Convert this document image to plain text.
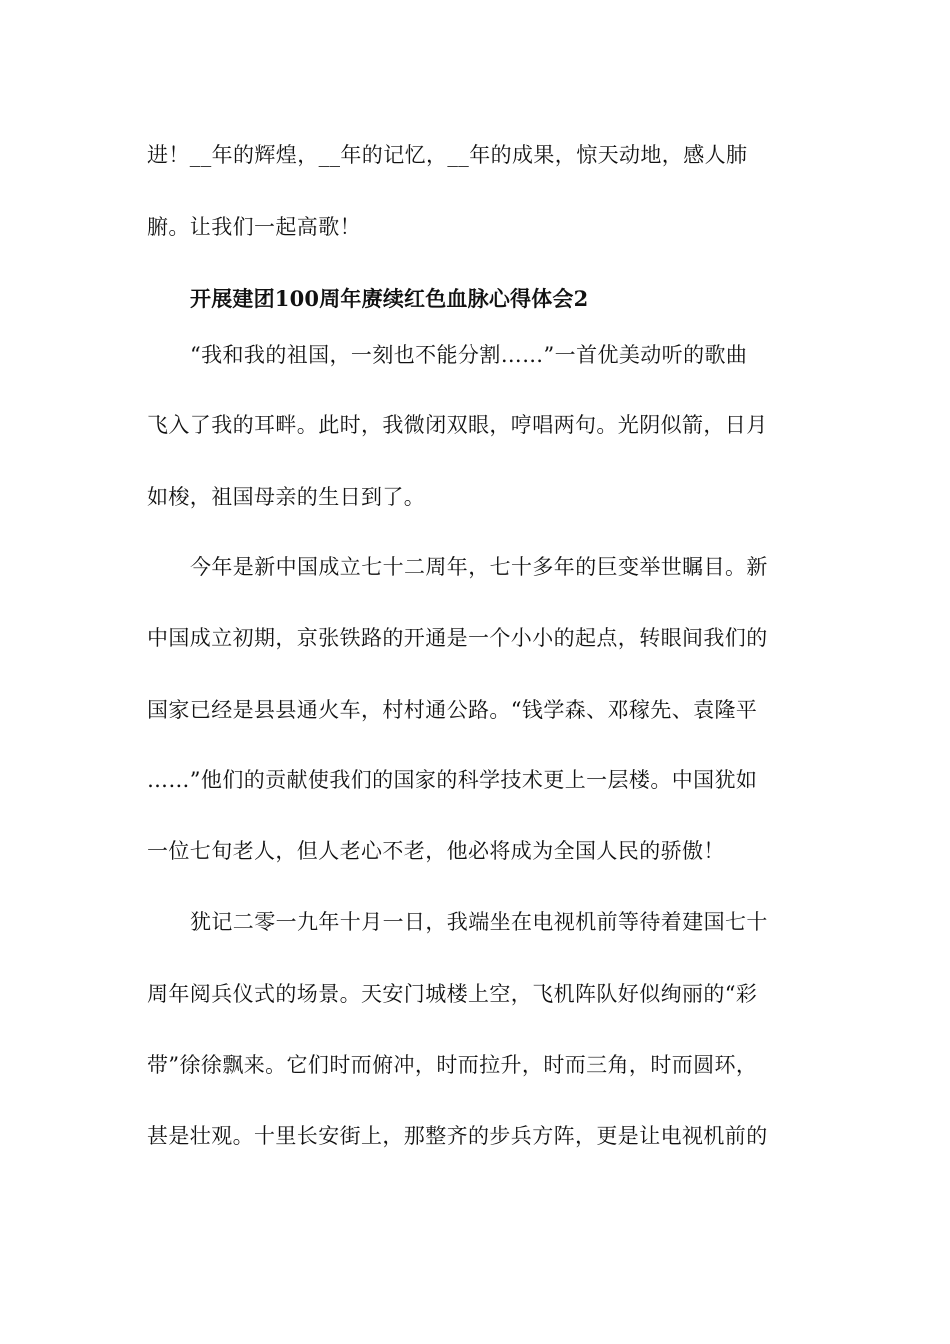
进！__年的辉煌，__年的记忆，__年的成果，惊天动地，感人肺
腑。让我们一起高歌！
开展建团100周年赓续红色血脉心得体会2
“我和我的祖国，一刻也不能分割……”一首优美动听的歌曲
飞入了我的耳畔。此时，我微闭双眼，哼唱两句。光阴似箭，日月
如梭，祖国母亲的生日到了。
今年是新中国成立七十二周年，七十多年的巨变举世瞩目。新
中国成立初期，京张铁路的开通是一个小小的起点，转眼间我们的
国家已经是县县通火车，村村通公路。“钱学森、邓稼先、袁隆平
……”他们的贡献使我们的国家的科学技术更上一层楼。中国犹如
一位七旬老人，但人老心不老，他必将成为全国人民的骄傲！
犹记二零一九年十月一日，我端坐在电视机前等待着建国七十
周年阅兵仪式的场景。天安门城楼上空，飞机阵队好似绚丽的“彩
带”徐徐飘来。它们时而俯冲，时而拉升，时而三角，时而圆环，
甚是壮观。十里长安街上，那整齐的步兵方阵，更是让电视机前的
